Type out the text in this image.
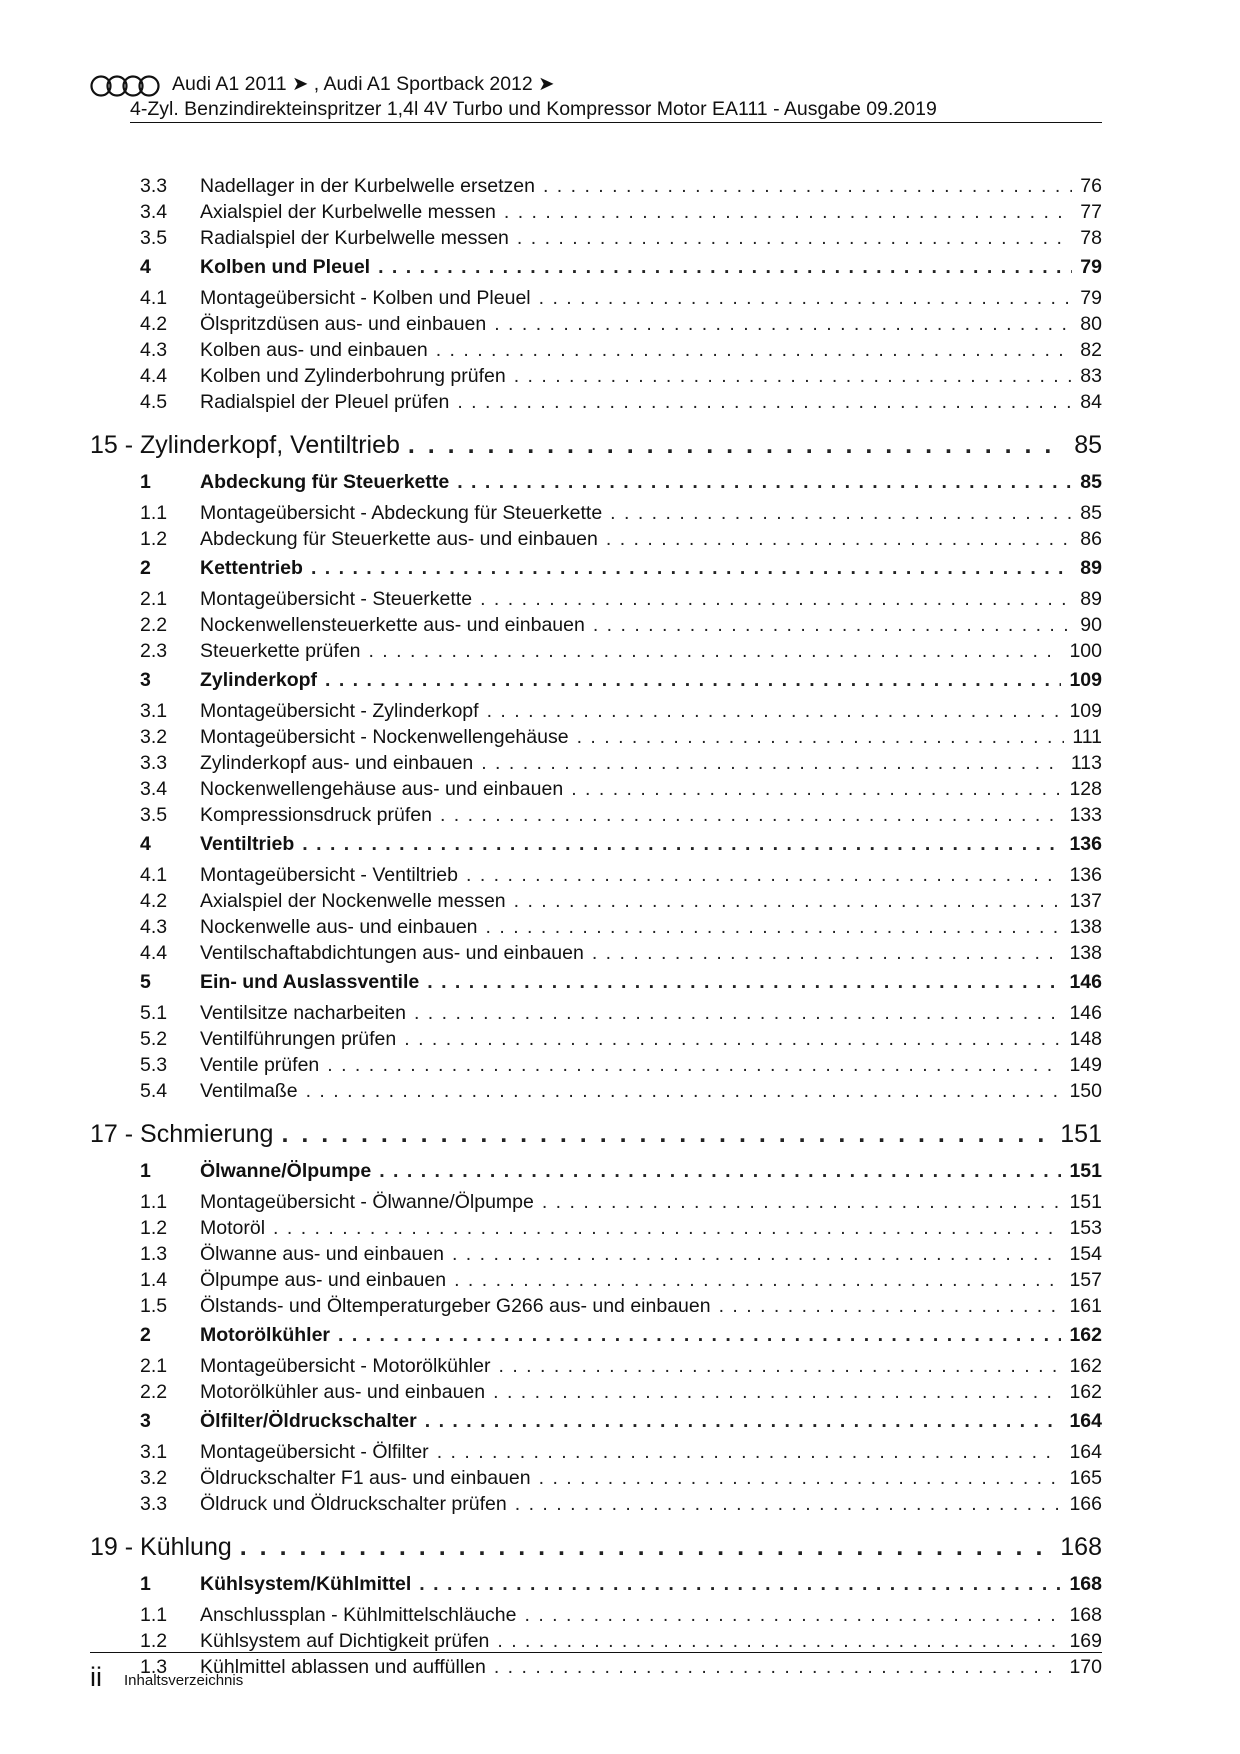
Audi A1 2011 ➤ , Audi A1 Sportback 2012 ➤
4-Zyl. Benzindirekteinspritzer 1,4l 4V Turbo und Kompressor Motor EA111 - Ausgabe 09.2019
3.3	Nadellager in der Kurbelwelle ersetzen . . .	76
3.4	Axialspiel der Kurbelwelle messen . . .	77
3.5	Radialspiel der Kurbelwelle messen . . .	78
4	Kolben und Pleuel . . .	79
4.1	Montageübersicht - Kolben und Pleuel . . .	79
4.2	Ölspritzdüsen aus- und einbauen . . .	80
4.3	Kolben aus- und einbauen . . .	82
4.4	Kolben und Zylinderbohrung prüfen . . .	83
4.5	Radialspiel der Pleuel prüfen . . .	84
15 - Zylinderkopf, Ventiltrieb . . .	85
1	Abdeckung für Steuerkette . . .	85
1.1	Montageübersicht - Abdeckung für Steuerkette . . .	85
1.2	Abdeckung für Steuerkette aus- und einbauen . . .	86
2	Kettentrieb . . .	89
2.1	Montageübersicht - Steuerkette . . .	89
2.2	Nockenwellensteuerkette aus- und einbauen . . .	90
2.3	Steuerkette prüfen . . .	100
3	Zylinderkopf . . .	109
3.1	Montageübersicht - Zylinderkopf . . .	109
3.2	Montageübersicht - Nockenwellengehäuse . . .	111
3.3	Zylinderkopf aus- und einbauen . . .	113
3.4	Nockenwellengehäuse aus- und einbauen . . .	128
3.5	Kompressionsdruck prüfen . . .	133
4	Ventiltrieb . . .	136
4.1	Montageübersicht - Ventiltrieb . . .	136
4.2	Axialspiel der Nockenwelle messen . . .	137
4.3	Nockenwelle aus- und einbauen . . .	138
4.4	Ventilschaftabdichtungen aus- und einbauen . . .	138
5	Ein- und Auslassventile . . .	146
5.1	Ventilsitze nacharbeiten . . .	146
5.2	Ventilführungen prüfen . . .	148
5.3	Ventile prüfen . . .	149
5.4	Ventilmaße . . .	150
17 - Schmierung . . .	151
1	Ölwanne/Ölpumpe . . .	151
1.1	Montageübersicht - Ölwanne/Ölpumpe . . .	151
1.2	Motoröl . . .	153
1.3	Ölwanne aus- und einbauen . . .	154
1.4	Ölpumpe aus- und einbauen . . .	157
1.5	Ölstands- und Öltemperaturgeber G266 aus- und einbauen . . .	161
2	Motorölkühler . . .	162
2.1	Montageübersicht - Motorölkühler . . .	162
2.2	Motorölkühler aus- und einbauen . . .	162
3	Ölfilter/Öldruckschalter . . .	164
3.1	Montageübersicht - Ölfilter . . .	164
3.2	Öldruckschalter F1 aus- und einbauen . . .	165
3.3	Öldruck und Öldruckschalter prüfen . . .	166
19 - Kühlung . . .	168
1	Kühlsystem/Kühlmittel . . .	168
1.1	Anschlussplan - Kühlmittelschläuche . . .	168
1.2	Kühlsystem auf Dichtigkeit prüfen . . .	169
1.3	Kühlmittel ablassen und auffüllen . . .	170
ii Inhaltsverzeichnis
